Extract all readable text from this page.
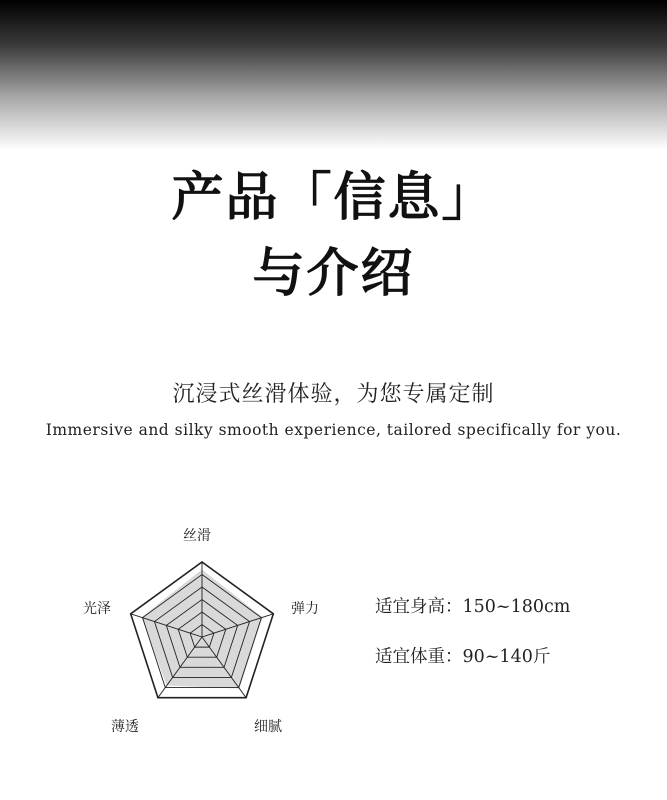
产品「信息」
与介绍
沉浸式丝滑体验，为您专属定制
Immersive and silky smooth experience, tailored specifically for you.
丝滑
弹力
细腻
薄透
光泽	适宜身高：150~180cm
适宜体重：90~140斤
